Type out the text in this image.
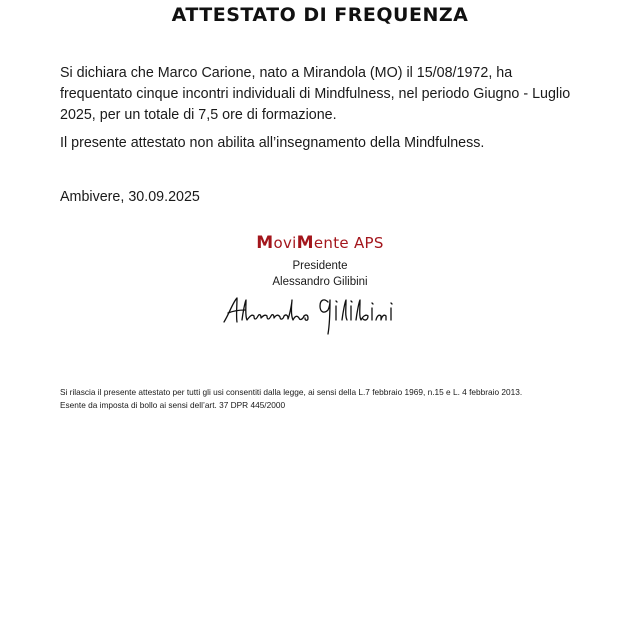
ATTESTATO DI FREQUENZA

Si dichiara che Marco Carione, nato a Mirandola (MO) il 15/08/1972, ha frequentato cinque incontri individuali di Mindfulness, nel periodo Giugno - Luglio 2025, per un totale di 7,5 ore di formazione.

Il presente attestato non abilita all’insegnamento della Mindfulness.

Ambivere, 30.09.2025
MoviMente APS
Presidente
Alessandro Gilibini
Si rilascia il presente attestato per tutti gli usi consentiti dalla legge, ai sensi della L.7 febbraio 1969, n.15 e L. 4 febbraio 2013.
Esente da imposta di bollo ai sensi dell’art. 37 DPR 445/2000
